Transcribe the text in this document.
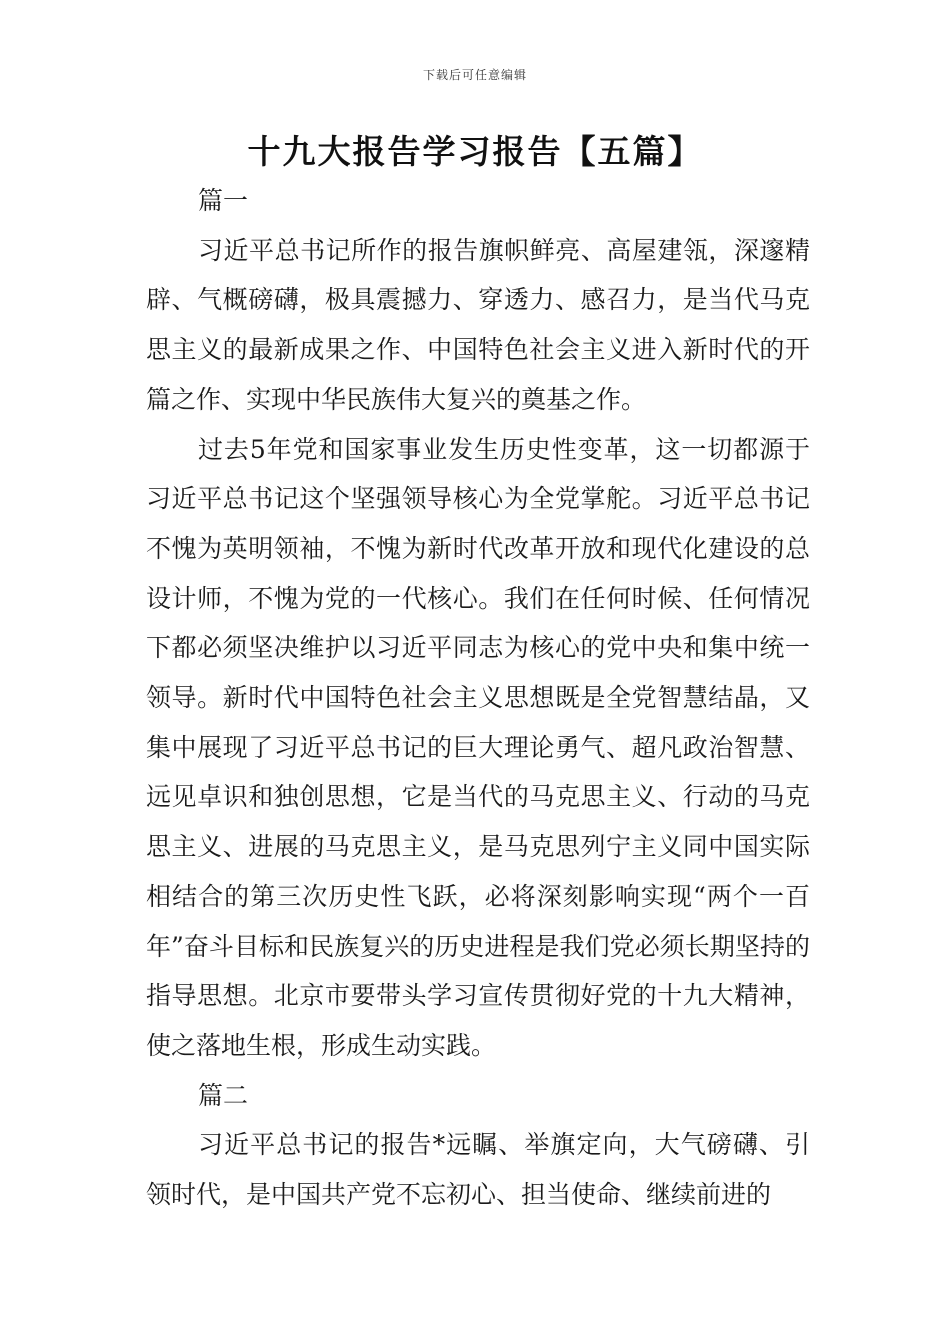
下载后可任意编辑
十九大报告学习报告【五篇】
篇一

习近平总书记所作的报告旗帜鲜亮、高屋建瓴，深邃精辟、气概磅礴，极具震撼力、穿透力、感召力，是当代马克思主义的最新成果之作、中国特色社会主义进入新时代的开篇之作、实现中华民族伟大复兴的奠基之作。

过去5年党和国家事业发生历史性变革，这一切都源于习近平总书记这个坚强领导核心为全党掌舵。习近平总书记不愧为英明领袖，不愧为新时代改革开放和现代化建设的总设计师，不愧为党的一代核心。我们在任何时候、任何情况下都必须坚决维护以习近平同志为核心的党中央和集中统一领导。新时代中国特色社会主义思想既是全党智慧结晶，又集中展现了习近平总书记的巨大理论勇气、超凡政治智慧、远见卓识和独创思想，它是当代的马克思主义、行动的马克思主义、进展的马克思主义，是马克思列宁主义同中国实际相结合的第三次历史性飞跃，必将深刻影响实现“两个一百年”奋斗目标和民族复兴的历史进程是我们党必须长期坚持的指导思想。北京市要带头学习宣传贯彻好党的十九大精神，使之落地生根，形成生动实践。

篇二

习近平总书记的报告*远瞩、举旗定向，大气磅礴、引领时代，是中国共产党不忘初心、担当使命、继续前进的
